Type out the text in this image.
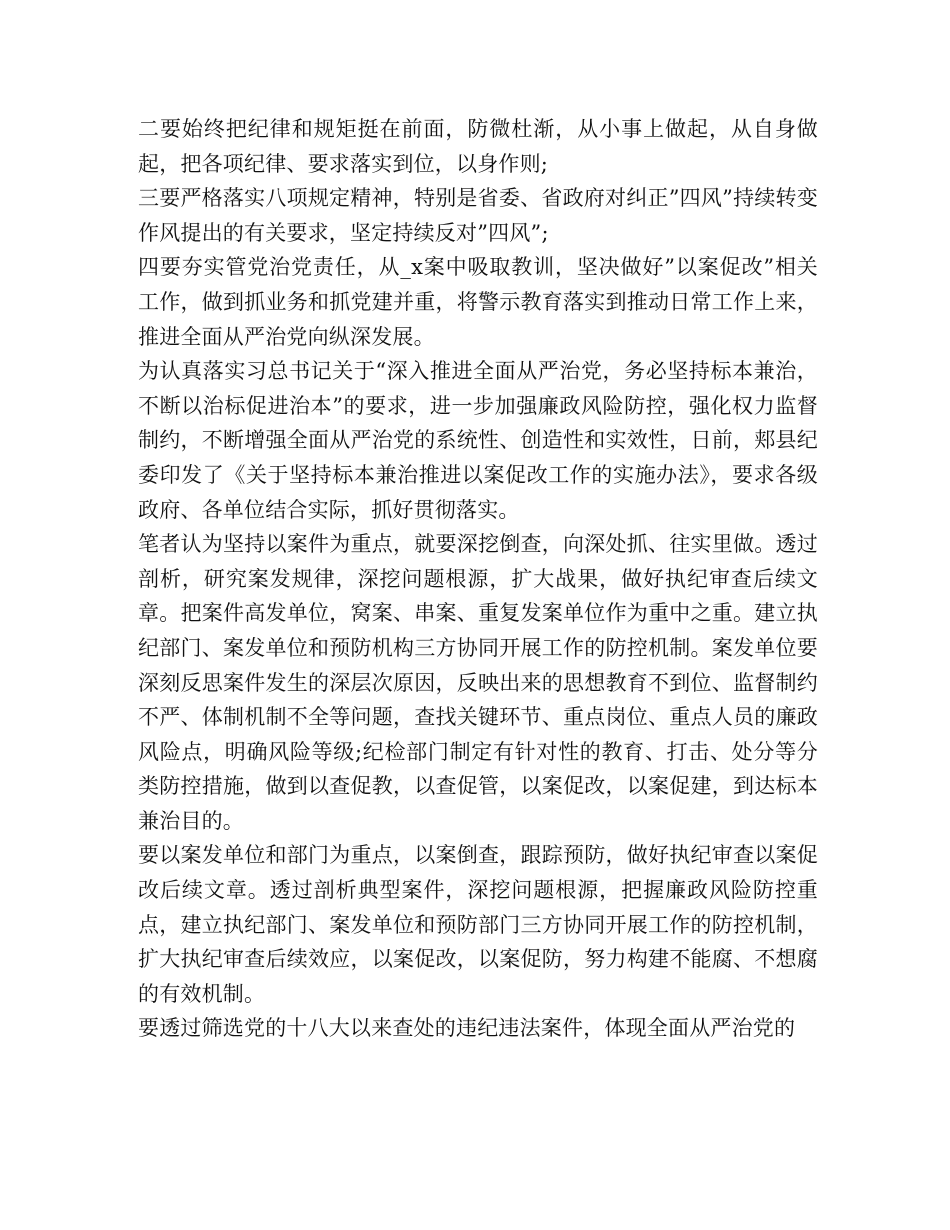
二要始终把纪律和规矩挺在前面，防微杜渐，从小事上做起，从自身做起，把各项纪律、要求落实到位，以身作则;

三要严格落实八项规定精神，特别是省委、省政府对纠正”四风”持续转变作风提出的有关要求，坚定持续反对”四风”;

四要夯实管党治党责任，从_x案中吸取教训，坚决做好”以案促改”相关工作，做到抓业务和抓党建并重，将警示教育落实到推动日常工作上来，推进全面从严治党向纵深发展。

为认真落实习总书记关于“深入推进全面从严治党，务必坚持标本兼治，不断以治标促进治本”的要求，进一步加强廉政风险防控，强化权力监督制约，不断增强全面从严治党的系统性、创造性和实效性，日前，郏县纪委印发了《关于坚持标本兼治推进以案促改工作的实施办法》，要求各级政府、各单位结合实际，抓好贯彻落实。

笔者认为坚持以案件为重点，就要深挖倒查，向深处抓、往实里做。透过剖析，研究案发规律，深挖问题根源，扩大战果，做好执纪审查后续文章。把案件高发单位，窝案、串案、重复发案单位作为重中之重。建立执纪部门、案发单位和预防机构三方协同开展工作的防控机制。案发单位要深刻反思案件发生的深层次原因，反映出来的思想教育不到位、监督制约不严、体制机制不全等问题，查找关键环节、重点岗位、重点人员的廉政风险点，明确风险等级;纪检部门制定有针对性的教育、打击、处分等分类防控措施，做到以查促教，以查促管，以案促改，以案促建，到达标本兼治目的。

要以案发单位和部门为重点，以案倒查，跟踪预防，做好执纪审查以案促改后续文章。透过剖析典型案件，深挖问题根源，把握廉政风险防控重点，建立执纪部门、案发单位和预防部门三方协同开展工作的防控机制，扩大执纪审查后续效应，以案促改，以案促防，努力构建不能腐、不想腐的有效机制。

要透过筛选党的十八大以来查处的违纪违法案件，体现全面从严治党的
